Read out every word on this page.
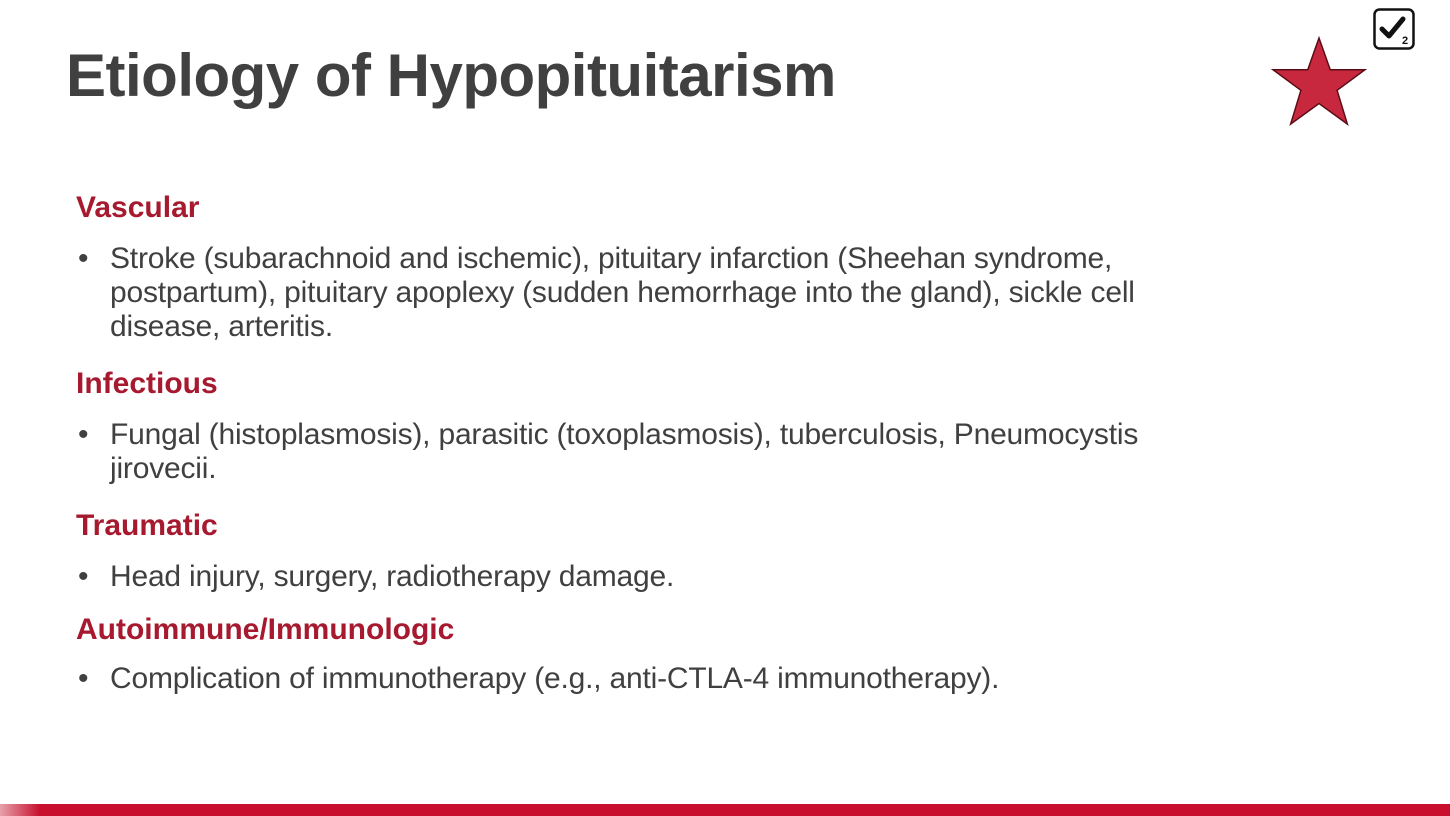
Etiology of Hypopituitarism
2
Vascular
• Stroke (subarachnoid and ischemic), pituitary infarction (Sheehan syndrome, postpartum), pituitary apoplexy (sudden hemorrhage into the gland), sickle cell disease, arteritis.
Infectious
• Fungal (histoplasmosis), parasitic (toxoplasmosis), tuberculosis, Pneumocystis jirovecii.
Traumatic
• Head injury, surgery, radiotherapy damage.
Autoimmune/Immunologic
• Complication of immunotherapy (e.g., anti-CTLA-4 immunotherapy).
